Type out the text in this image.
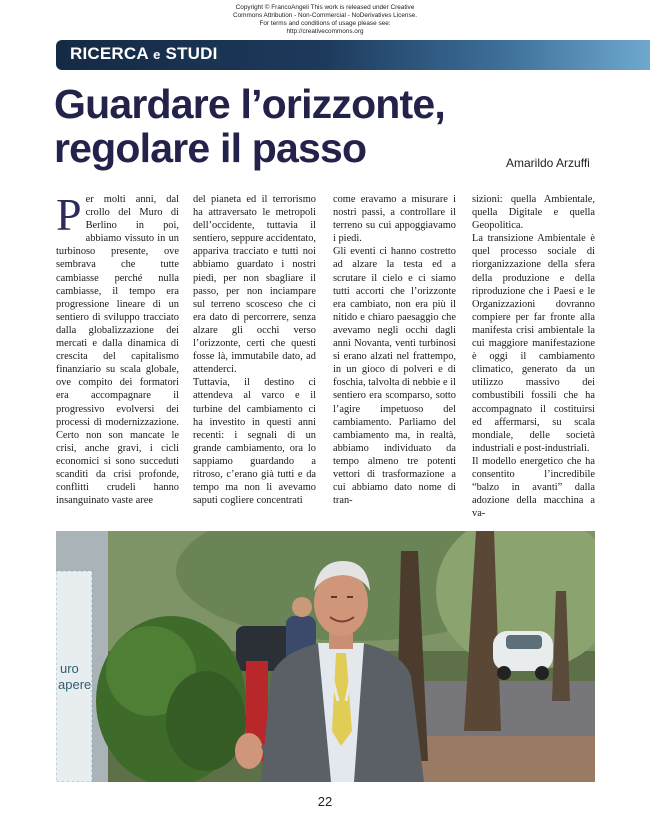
Copyright © FrancoAngeli This work is released under Creative
Commons Attribution - Non-Commercial - NoDerivatives License.
For terms and conditions of usage please see:
http://creativecommons.org
RICERCA e STUDI
Guardare l’orizzonte,
regolare il passo	Amarildo Arzuffi

Per molti anni, dal crollo del Muro di Berlino in poi, abbiamo vissuto in un turbinoso presente, ove sembrava che tutte cambiasse perché nulla cambiasse, il tempo era progressione lineare di un sentiero di sviluppo tracciato dalla globalizzazione dei mercati e dalla dinamica di crescita del capitalismo finanziario su scala globale, ove compito dei formatori era accompagnare il progressivo evolversi dei processi di modernizzazione. Certo non son mancate le crisi, anche gravi, i cicli economici si sono succeduti scanditi da crisi profonde, conflitti crudeli hanno insanguinato vaste aree

del pianeta ed il terrorismo ha attraversato le metropoli dell’occidente, tuttavia il sentiero, seppure accidentato, appariva tracciato e tutti noi abbiamo guardato i nostri piedi, per non sbagliare il passo, per non inciampare sul terreno scosceso che ci era dato di percorrere, senza alzare gli occhi verso l’orizzonte, certi che questi fosse là, immutabile dato, ad attenderci.

Tuttavia, il destino ci attendeva al varco e il turbine del cambiamento ci ha investito in questi anni recenti: i segnali di un grande cambiamento, ora lo sappiamo guardando a ritroso, c’erano già tutti e da tempo ma non li avevamo saputi cogliere concentrati

come eravamo a misurare i nostri passi, a controllare il terreno su cui appoggiavamo i piedi.

Gli eventi ci hanno costretto ad alzare la testa ed a scrutare il cielo e ci siamo tutti accorti che l’orizzonte era cambiato, non era più il nitido e chiaro paesaggio che avevamo negli occhi dagli anni Novanta, venti turbinosi si erano alzati nel frattempo, in un gioco di polveri e di foschia, talvolta di nebbie e il sentiero era scomparso, sotto l’agire impetuoso del cambiamento. Parliamo del cambiamento ma, in realtà, abbiamo individuato da tempo almeno tre potenti vettori di trasformazione a cui abbiamo dato nome di tran-

sizioni: quella Ambientale, quella Digitale e quella Geopolitica.

La transizione Ambientale è quel processo sociale di riorganizzazione della sfera della produzione e della riproduzione che i Paesi e le Organizzazioni dovranno compiere per far fronte alla manifesta crisi ambientale la cui maggiore manifestazione è oggi il cambiamento climatico, generato da un utilizzo massivo dei combustibili fossili che ha accompagnato il costituirsi ed affermarsi, su scala mondiale, delle società industriali e post-industriali.

Il modello energetico che ha consentito l’incredibile “balzo in avanti” dalla adozione della macchina a va-

uro
apere
22
